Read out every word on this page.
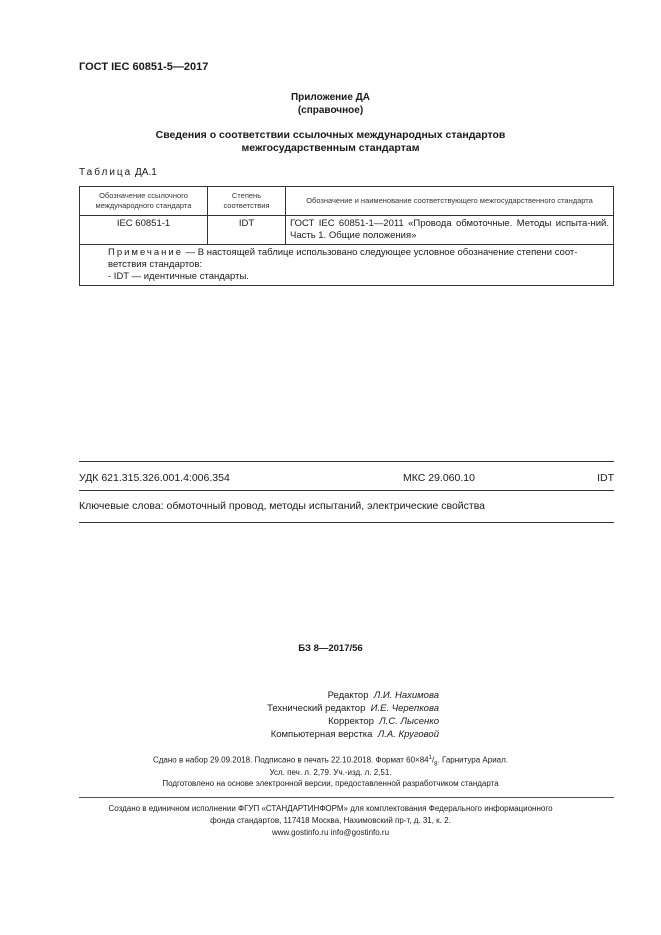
ГОСТ IEC 60851-5—2017
Приложение ДА
(справочное)
Сведения о соответствии ссылочных международных стандартов
межгосударственным стандартам
Таблица ДА.1
Обозначение ссылочного международного стандарта	Степень соответствия	Обозначение и наименование соответствующего межгосударственного стандарта
IEC 60851-1	IDT	ГОСТ IEC 60851-1—2011 «Провода обмоточные. Методы испыта-ний. Часть 1. Общие положения»

Примечание — В настоящей таблице использовано следующее условное обозначение степени соот-ветствия стандартов:
- IDT — идентичные стандарты.		
УДК 621.315.326.001.4:006.354	МКС 29.060.10	IDT
Ключевые слова: обмоточный провод, методы испытаний, электрические свойства
БЗ 8—2017/56
Редактор Л.И. Нахимова
Технический редактор И.Е. Черепкова
Корректор Л.С. Лысенко
Компьютерная верстка Л.А. Круговой
Сдано в набор 29.09.2018. Подписано в печать 22.10.2018. Формат $60\times 84^1/_8$. Гарнитура Ариал.
Усл. печ. л. 2,79. Уч.-изд. л. 2,51.
Подготовлено на основе электронной версии, предоставленной разработчиком стандарта
Создано в единичном исполнении ФГУП «СТАНДАРТИНФОРМ» для комплектования Федерального информационного
фонда стандартов, 117418 Москва, Нахимовский пр-т, д. 31, к. 2.
www.gostinfo.ru info@gostinfo.ru
